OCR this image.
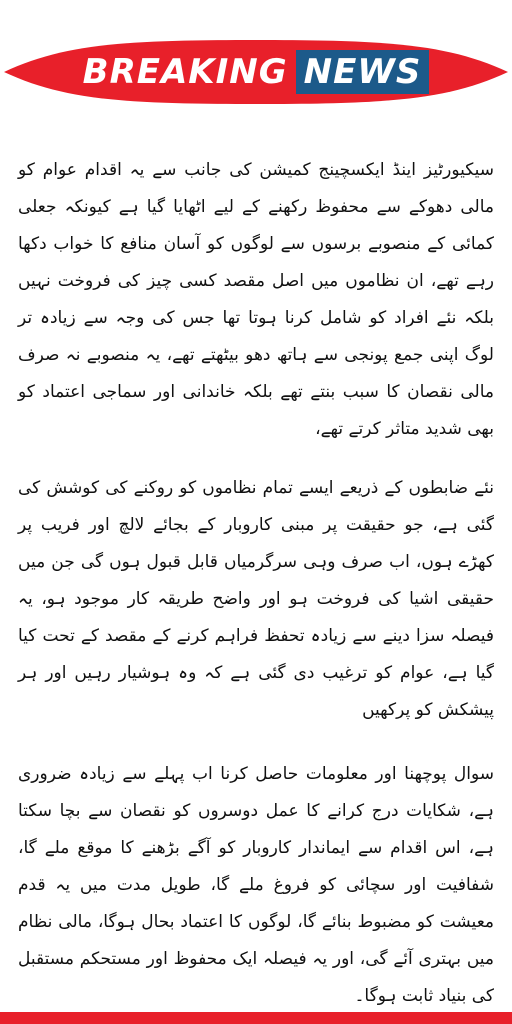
BREAKING NEWS

سیکیورٹیز اینڈ ایکسچینج کمیشن کی جانب سے یہ اقدام عوام کو مالی دھوکے سے محفوظ رکھنے کے لیے اٹھایا گیا ہے کیونکہ جعلی کمائی کے منصوبے برسوں سے لوگوں کو آسان منافع کا خواب دکھا رہے تھے، ان نظاموں میں اصل مقصد کسی چیز کی فروخت نہیں بلکہ نئے افراد کو شامل کرنا ہوتا تھا جس کی وجہ سے زیادہ تر لوگ اپنی جمع پونجی سے ہاتھ دھو بیٹھتے تھے، یہ منصوبے نہ صرف مالی نقصان کا سبب بنتے تھے بلکہ خاندانی اور سماجی اعتماد کو بھی شدید متاثر کرتے تھے،

نئے ضابطوں کے ذریعے ایسے تمام نظاموں کو روکنے کی کوشش کی گئی ہے، جو حقیقت پر مبنی کاروبار کے بجائے لالچ اور فریب پر کھڑے ہوں، اب صرف وہی سرگرمیاں قابل قبول ہوں گی جن میں حقیقی اشیا کی فروخت ہو اور واضح طریقہ کار موجود ہو، یہ فیصلہ سزا دینے سے زیادہ تحفظ فراہم کرنے کے مقصد کے تحت کیا گیا ہے، عوام کو ترغیب دی گئی ہے کہ وہ ہوشیار رہیں اور ہر پیشکش کو پرکھیں

سوال پوچھنا اور معلومات حاصل کرنا اب پہلے سے زیادہ ضروری ہے، شکایات درج کرانے کا عمل دوسروں کو نقصان سے بچا سکتا ہے، اس اقدام سے ایماندار کاروبار کو آگے بڑھنے کا موقع ملے گا، شفافیت اور سچائی کو فروغ ملے گا، طویل مدت میں یہ قدم معیشت کو مضبوط بنائے گا، لوگوں کا اعتماد بحال ہوگا، مالی نظام میں بہتری آئے گی، اور یہ فیصلہ ایک محفوظ اور مستحکم مستقبل کی بنیاد ثابت ہوگا۔
